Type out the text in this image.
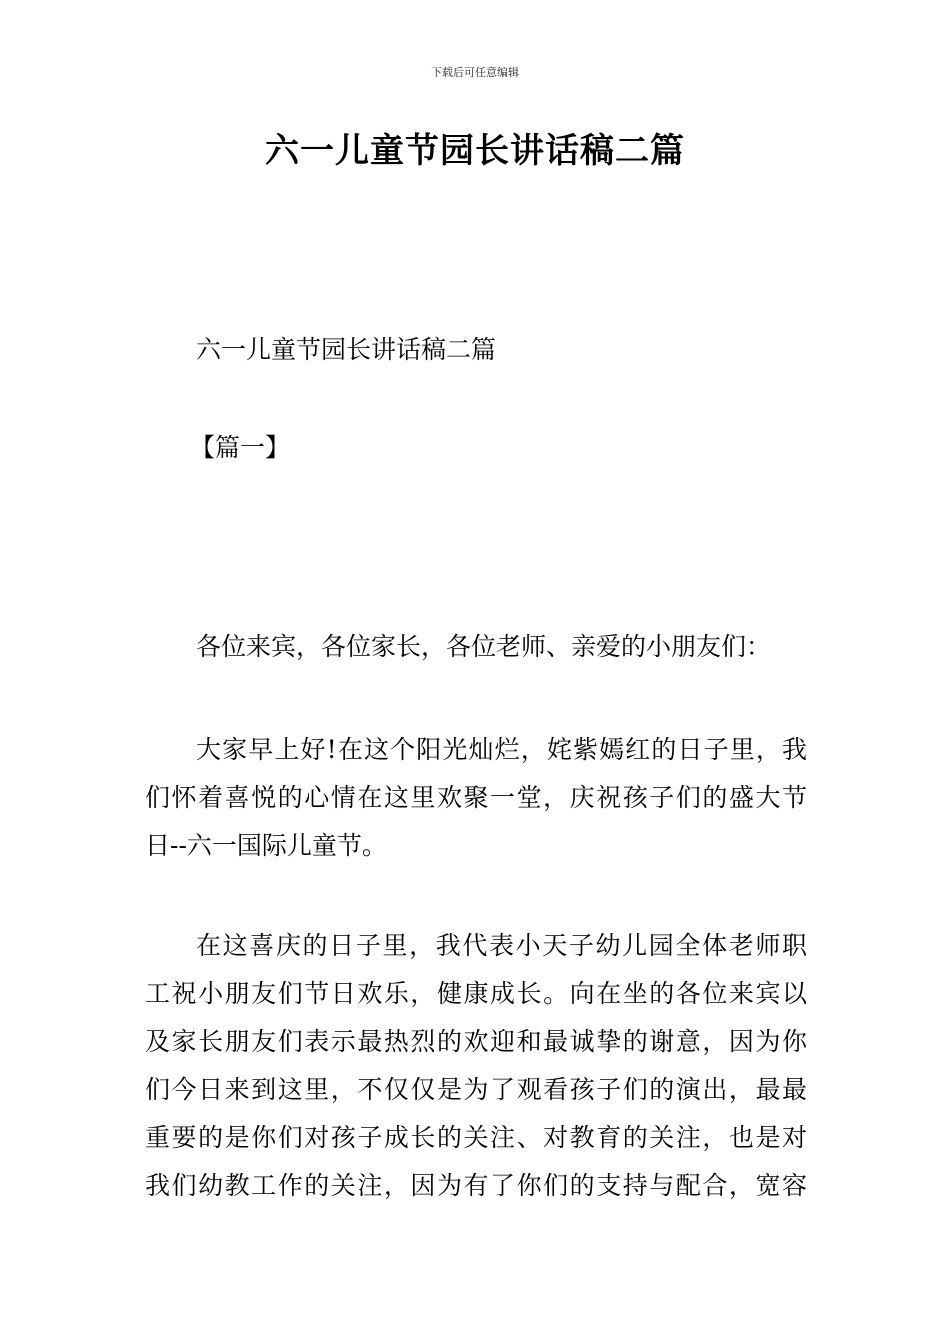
下载后可任意编辑
六一儿童节园长讲话稿二篇
六一儿童节园长讲话稿二篇
【篇一】
各位来宾，各位家长，各位老师、亲爱的小朋友们：
大家早上好!在这个阳光灿烂，姹紫嫣红的日子里，我
们怀着喜悦的心情在这里欢聚一堂，庆祝孩子们的盛大节
日--六一国际儿童节。
在这喜庆的日子里，我代表小天子幼儿园全体老师职
工祝小朋友们节日欢乐，健康成长。向在坐的各位来宾以
及家长朋友们表示最热烈的欢迎和最诚挚的谢意，因为你
们今日来到这里，不仅仅是为了观看孩子们的演出，最最
重要的是你们对孩子成长的关注、对教育的关注，也是对
我们幼教工作的关注，因为有了你们的支持与配合，宽容
